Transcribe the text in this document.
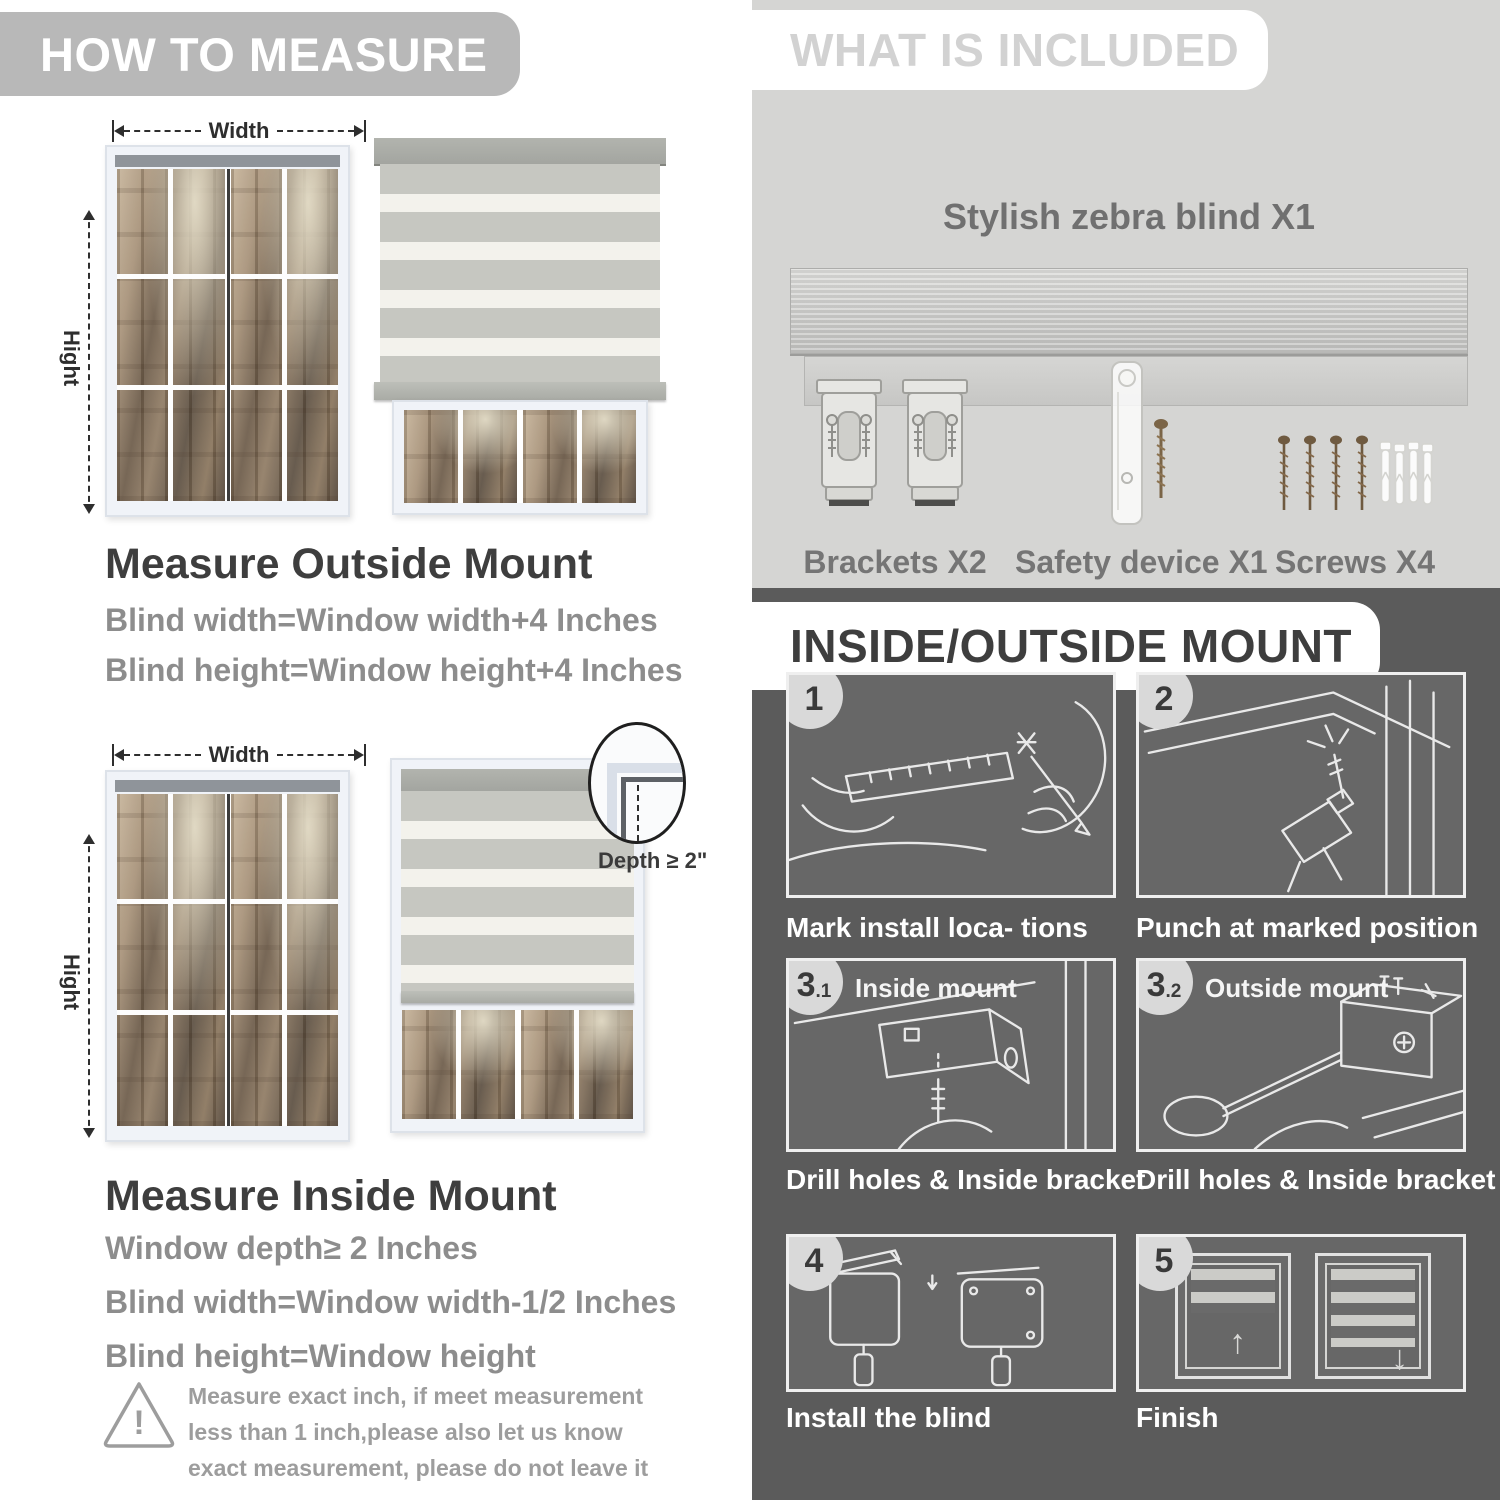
HOW TO MEASURE
Width
Hight
Measure Outside Mount
Blind width=Window width+4 Inches
Blind height=Window height+4 Inches
Width
Hight
Depth ≥ 2"
Measure Inside Mount
Window depth≥ 2 Inches
Blind width=Window width-1/2 Inches
Blind height=Window height
!
Measure exact inch, if meet measurement less than 1 inch,please also let us know exact measurement, please do not leave it
WHAT IS INCLUDED
Stylish zebra blind X1
Brackets X2 Safety device X1 Screws X4
INSIDE/OUTSIDE MOUNT
1
Mark install loca- tions
2
Punch at marked position
3 .1 Inside mount
Drill holes & Inside bracket
3 .2 Outside mount
Drill holes & Inside bracket
4
Install the blind
↑	↓
5
Finish
